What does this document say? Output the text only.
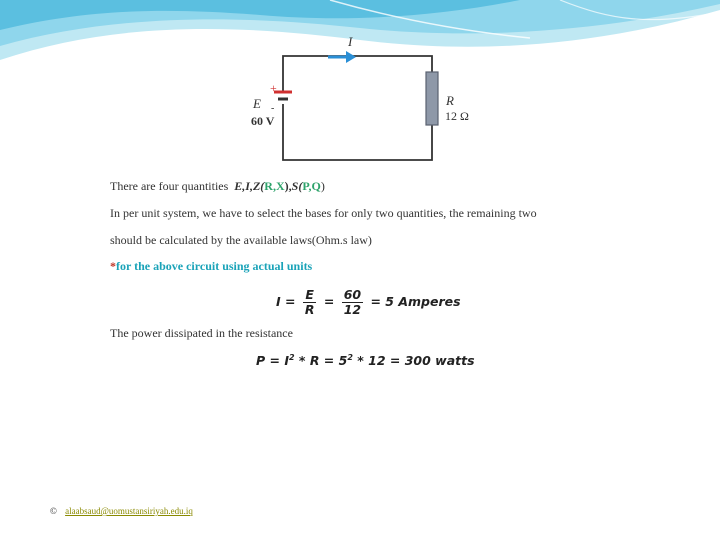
I
+
-
E
60 V
R
12 Ω
There are four quantities E,I,Z(R,X),S(P,Q)
In per unit system, we have to select the bases for only two quantities, the remaining two
should be calculated by the available laws(Ohm.s law)
*for the above circuit using actual units
$I = \frac{E}{R} = \frac{60}{12} = 5$ Amperes
The power dissipated in the resistance
$P = I^2 * R = 5^2 * 12 = 300$ watts
© alaabsaud@uomustansiriyah.edu.iq
